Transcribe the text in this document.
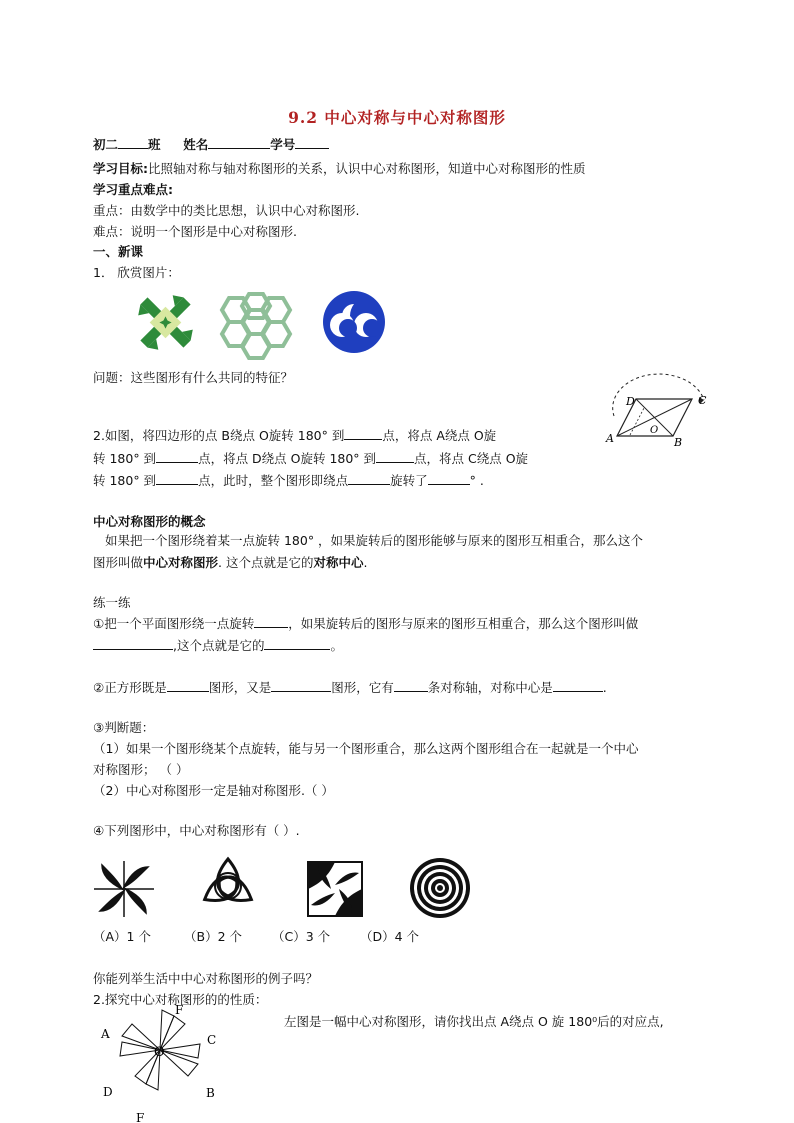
9.2 中心对称与中心对称图形
初二 班 姓名	学号
学习目标:比照轴对称与轴对称图形的关系，认识中心对称图形，知道中心对称图形的性质
学习重点难点:
重点：由数学中的类比思想，认识中心对称图形.
难点：说明一个图形是中心对称图形.
一、新课
1． 欣赏图片：
问题：这些图形有什么共同的特征？
A	B
C
D
O
2.如图，将四边形的点 B绕点 O旋转 180° 到	点，将点 A绕点 O旋
转 180° 到	点，将点 D绕点 O旋转 180° 到	点，将点 C绕点 O旋
转 180° 到	点，此时，整个图形即绕点	旋转了	° .
中心对称图形的概念
如果把一个图形绕着某一点旋转 180° ，如果旋转后的图形能够与原来的图形互相重合，那么这个
图形叫做中心对称图形. 这个点就是它的对称中心.
练一练
①把一个平面图形绕一点旋转	，如果旋转后的图形与原来的图形互相重合，那么这个图形叫做
,这个点就是它的	。
②正方形既是	图形，又是	图形，它有	条对称轴，对称中心是	.
③判断题：
（1）如果一个图形绕某个点旋转，能与另一个图形重合，那么这两个图形组合在一起就是一个中心
对称图形； （ ）
（2）中心对称图形一定是轴对称图形.（ ）
④下列图形中，中心对称图形有（ ）.
（A）1 个	（B）2 个 （C）3 个 （D）4 个
你能列举生活中中心对称图形的例子吗？
2.探究中心对称图形的的性质：
左图是一幅中心对称图形，请你找出点 A绕点 O 旋 180⁰后的对应点,
A
F
C
O
D	B
F
